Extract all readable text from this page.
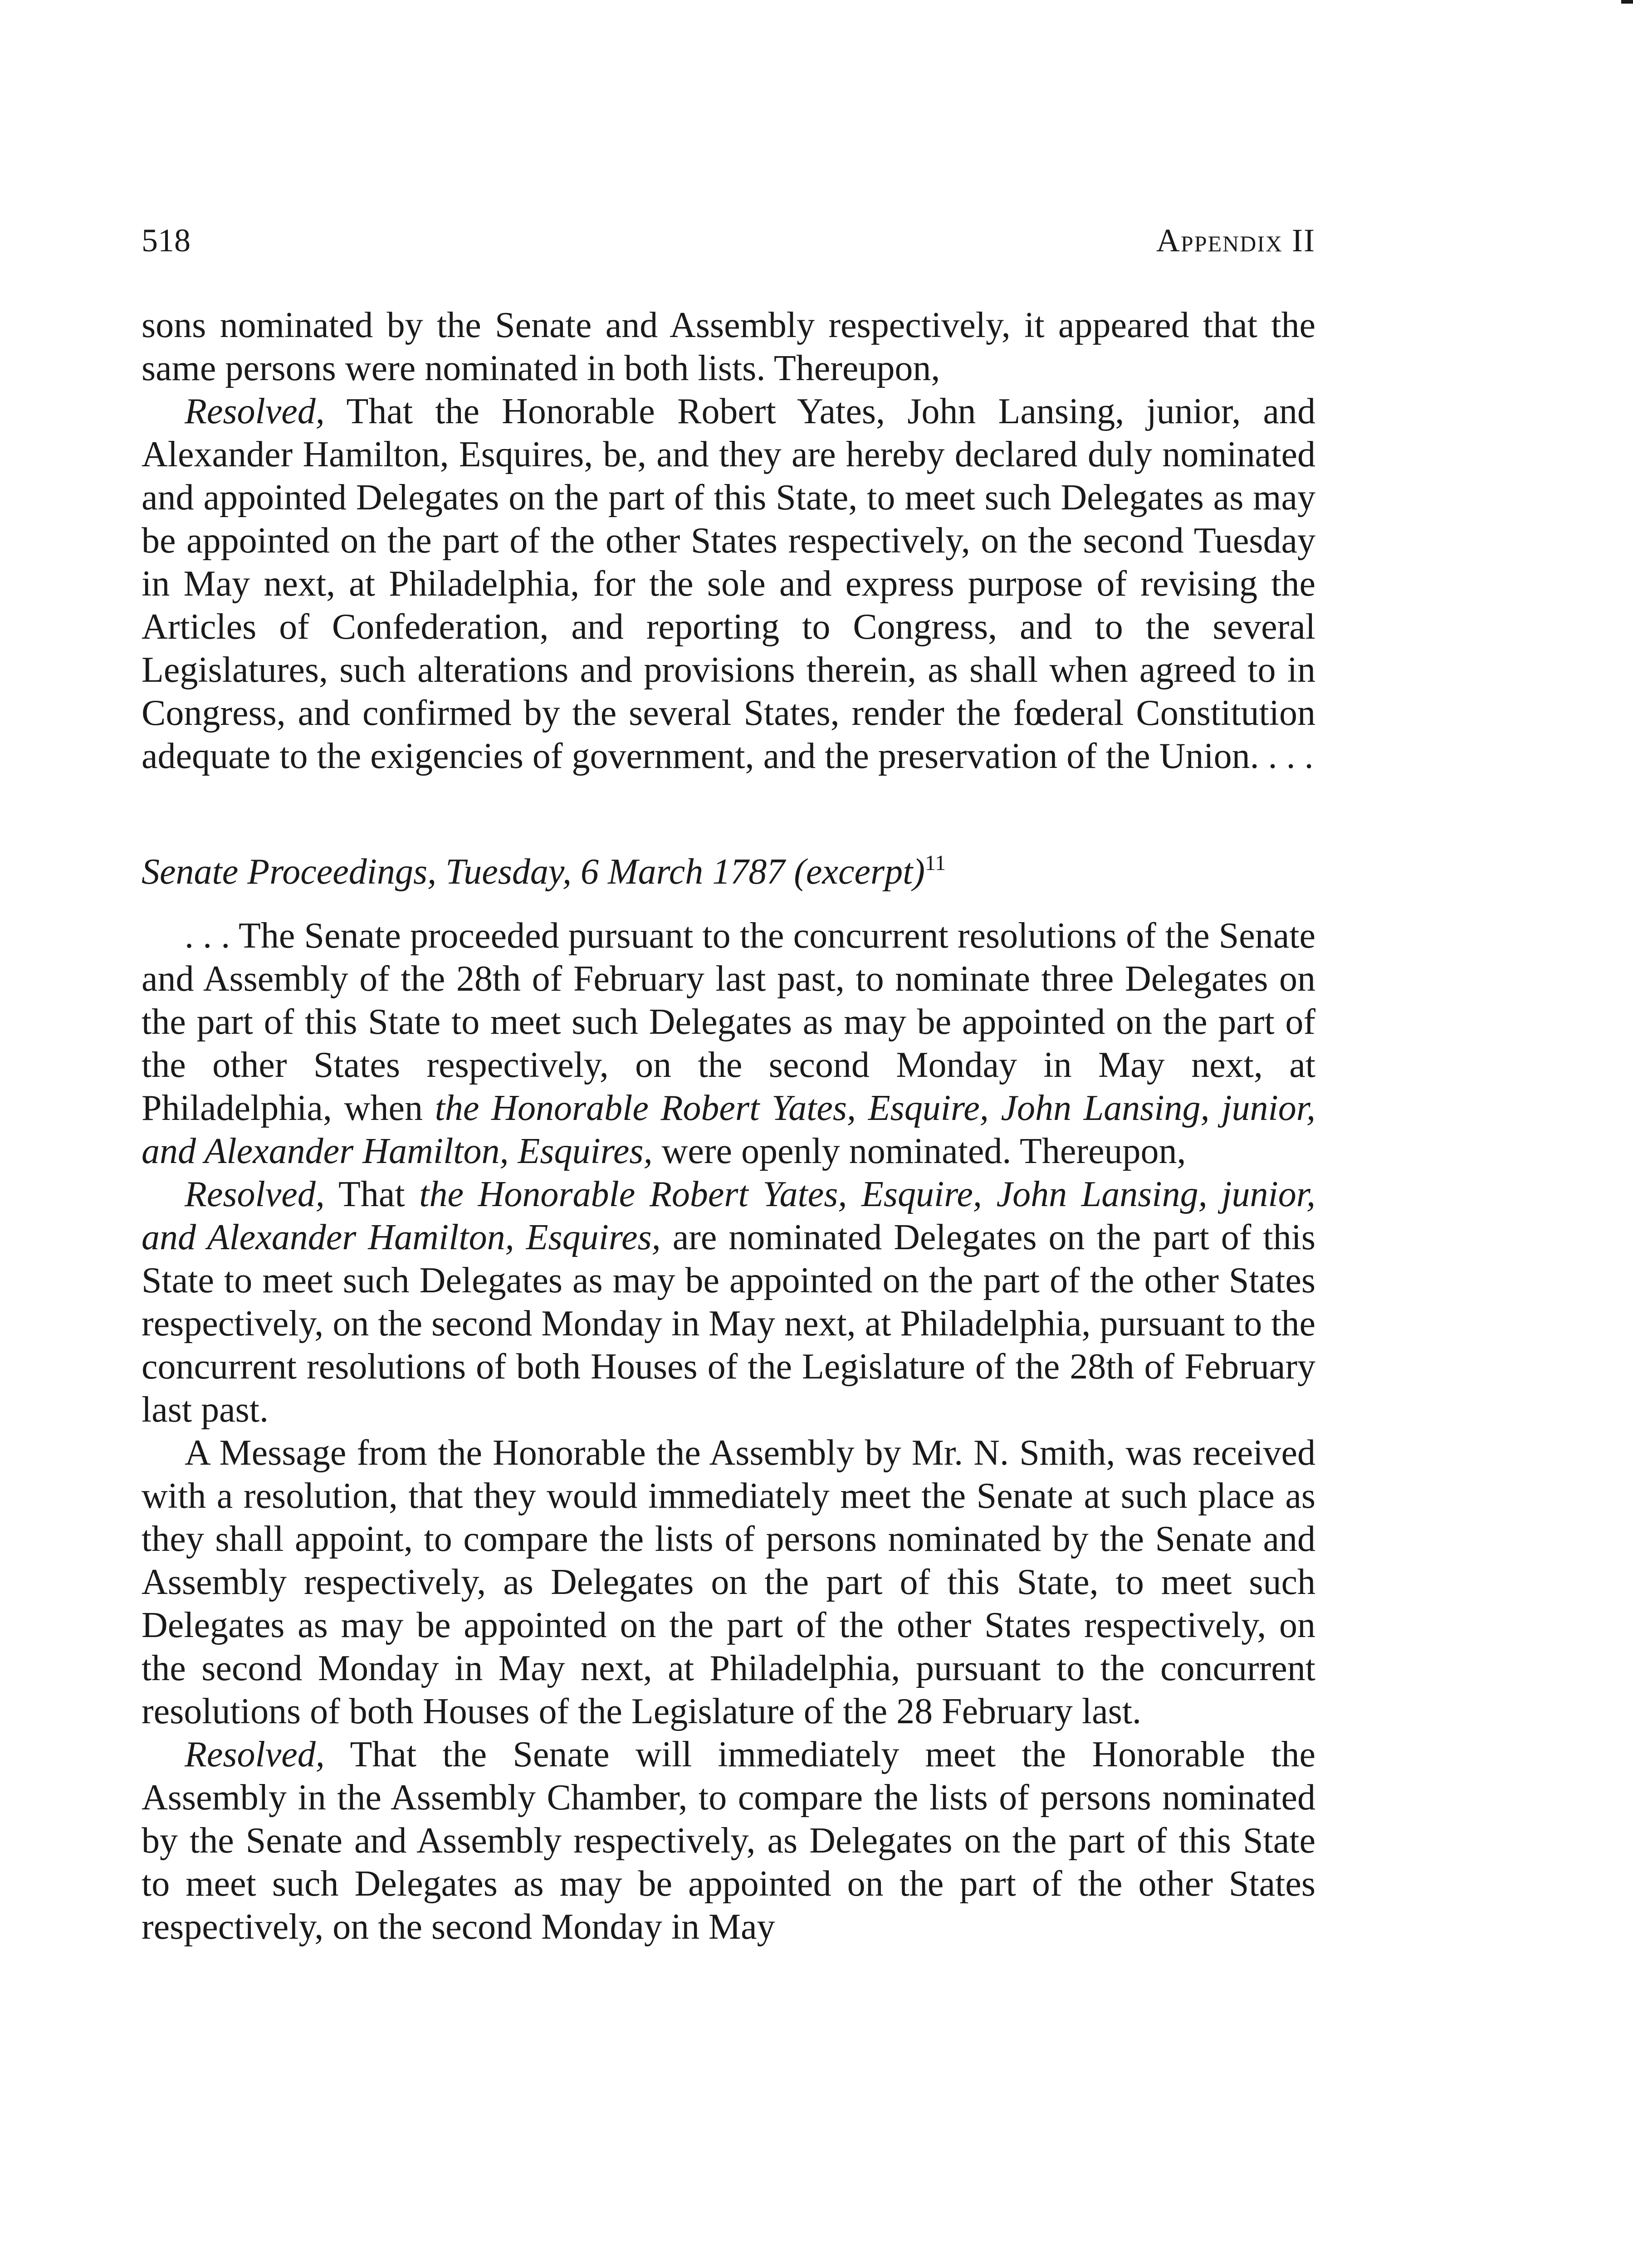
518	Appendix II

sons nominated by the Senate and Assembly respectively, it appeared that the same persons were nominated in both lists. Thereupon,

Resolved, That the Honorable Robert Yates, John Lansing, junior, and Alexander Hamilton, Esquires, be, and they are hereby declared duly nominated and appointed Delegates on the part of this State, to meet such Delegates as may be appointed on the part of the other States respectively, on the second Tuesday in May next, at Philadelphia, for the sole and express purpose of revising the Articles of Confederation, and reporting to Congress, and to the several Legislatures, such alterations and provisions therein, as shall when agreed to in Congress, and confirmed by the several States, render the fœderal Constitution adequate to the exigencies of government, and the preservation of the Union. . . .

Senate Proceedings, Tuesday, 6 March 1787 (excerpt)$^{11}$

. . . The Senate proceeded pursuant to the concurrent resolutions of the Senate and Assembly of the 28th of February last past, to nominate three Delegates on the part of this State to meet such Delegates as may be appointed on the part of the other States respectively, on the second Monday in May next, at Philadelphia, when the Honorable Robert Yates, Esquire, John Lansing, junior, and Alexander Hamilton, Esquires, were openly nominated. Thereupon,

Resolved, That the Honorable Robert Yates, Esquire, John Lansing, junior, and Alexander Hamilton, Esquires, are nominated Delegates on the part of this State to meet such Delegates as may be appointed on the part of the other States respectively, on the second Monday in May next, at Philadelphia, pursuant to the concurrent resolutions of both Houses of the Legislature of the 28th of February last past.

A Message from the Honorable the Assembly by Mr. N. Smith, was received with a resolution, that they would immediately meet the Senate at such place as they shall appoint, to compare the lists of persons nominated by the Senate and Assembly respectively, as Delegates on the part of this State, to meet such Delegates as may be appointed on the part of the other States respectively, on the second Monday in May next, at Philadelphia, pursuant to the concurrent resolutions of both Houses of the Legislature of the 28 February last.

Resolved, That the Senate will immediately meet the Honorable the Assembly in the Assembly Chamber, to compare the lists of persons nominated by the Senate and Assembly respectively, as Delegates on the part of this State to meet such Delegates as may be appointed on the part of the other States respectively, on the second Monday in May
